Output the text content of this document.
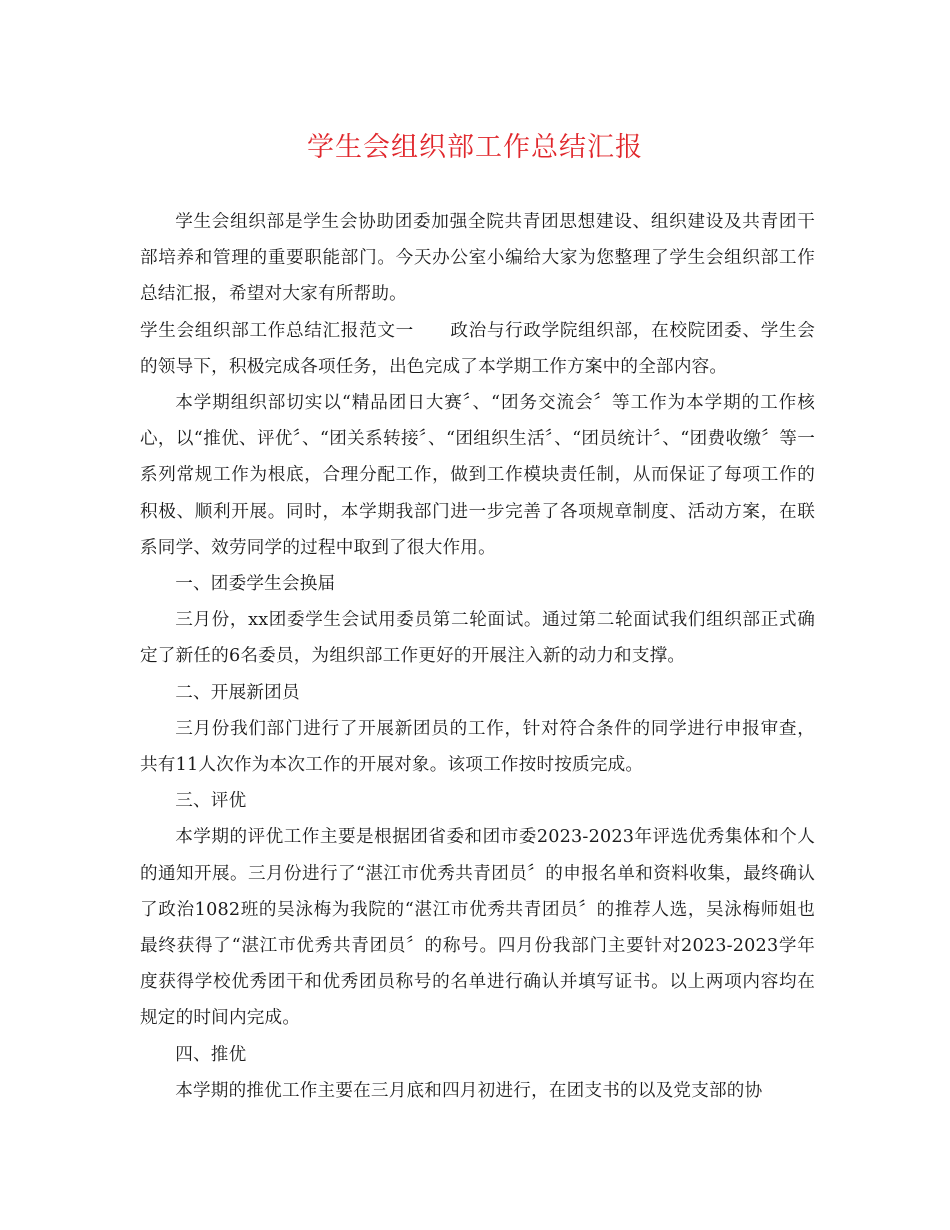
学生会组织部工作总结汇报

学生会组织部是学生会协助团委加强全院共青团思想建设、组织建设及共青团干部培养和管理的重要职能部门。今天办公室小编给大家为您整理了学生会组织部工作总结汇报，希望对大家有所帮助。

学生会组织部工作总结汇报范文一　　政治与行政学院组织部，在校院团委、学生会的领导下，积极完成各项任务，出色完成了本学期工作方案中的全部内容。

本学期组织部切实以“精品团日大赛〞、“团务交流会〞等工作为本学期的工作核心，以“推优、评优〞、“团关系转接〞、“团组织生活〞、“团员统计〞、“团费收缴〞等一系列常规工作为根底，合理分配工作，做到工作模块责任制，从而保证了每项工作的积极、顺利开展。同时，本学期我部门进一步完善了各项规章制度、活动方案，在联系同学、效劳同学的过程中取到了很大作用。

一、团委学生会换届

三月份，xx团委学生会试用委员第二轮面试。通过第二轮面试我们组织部正式确定了新任的6名委员，为组织部工作更好的开展注入新的动力和支撑。

二、开展新团员

三月份我们部门进行了开展新团员的工作，针对符合条件的同学进行申报审查，共有11人次作为本次工作的开展对象。该项工作按时按质完成。

三、评优

本学期的评优工作主要是根据团省委和团市委2023-2023年评选优秀集体和个人的通知开展。三月份进行了“湛江市优秀共青团员〞的申报名单和资料收集，最终确认了政治1082班的吴泳梅为我院的“湛江市优秀共青团员〞的推荐人选，吴泳梅师姐也最终获得了“湛江市优秀共青团员〞的称号。四月份我部门主要针对2023-2023学年度获得学校优秀团干和优秀团员称号的名单进行确认并填写证书。以上两项内容均在规定的时间内完成。

四、推优

本学期的推优工作主要在三月底和四月初进行，在团支书的以及党支部的协
